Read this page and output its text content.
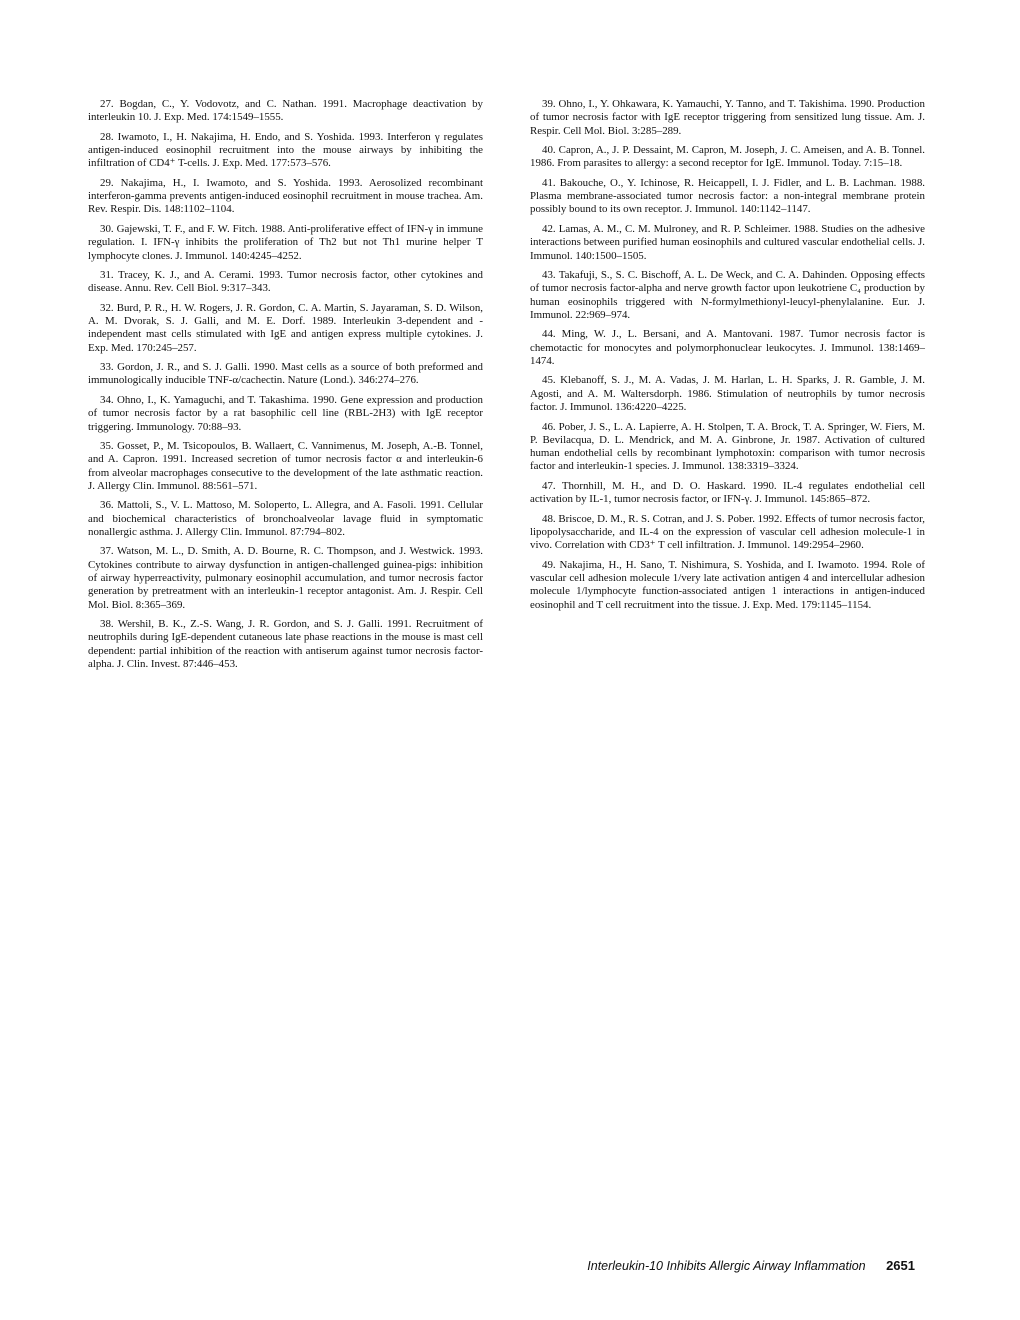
27. Bogdan, C., Y. Vodovotz, and C. Nathan. 1991. Macrophage deactivation by interleukin 10. J. Exp. Med. 174:1549–1555.

28. Iwamoto, I., H. Nakajima, H. Endo, and S. Yoshida. 1993. Interferon γ regulates antigen-induced eosinophil recruitment into the mouse airways by inhibiting the infiltration of CD4⁺ T-cells. J. Exp. Med. 177:573–576.

29. Nakajima, H., I. Iwamoto, and S. Yoshida. 1993. Aerosolized recombinant interferon-gamma prevents antigen-induced eosinophil recruitment in mouse trachea. Am. Rev. Respir. Dis. 148:1102–1104.

30. Gajewski, T. F., and F. W. Fitch. 1988. Anti-proliferative effect of IFN-γ in immune regulation. I. IFN-γ inhibits the proliferation of Th2 but not Th1 murine helper T lymphocyte clones. J. Immunol. 140:4245–4252.

31. Tracey, K. J., and A. Cerami. 1993. Tumor necrosis factor, other cytokines and disease. Annu. Rev. Cell Biol. 9:317–343.

32. Burd, P. R., H. W. Rogers, J. R. Gordon, C. A. Martin, S. Jayaraman, S. D. Wilson, A. M. Dvorak, S. J. Galli, and M. E. Dorf. 1989. Interleukin 3-dependent and -independent mast cells stimulated with IgE and antigen express multiple cytokines. J. Exp. Med. 170:245–257.

33. Gordon, J. R., and S. J. Galli. 1990. Mast cells as a source of both preformed and immunologically inducible TNF-α/cachectin. Nature (Lond.). 346:274–276.

34. Ohno, I., K. Yamaguchi, and T. Takashima. 1990. Gene expression and production of tumor necrosis factor by a rat basophilic cell line (RBL-2H3) with IgE receptor triggering. Immunology. 70:88–93.

35. Gosset, P., M. Tsicopoulos, B. Wallaert, C. Vannimenus, M. Joseph, A.-B. Tonnel, and A. Capron. 1991. Increased secretion of tumor necrosis factor α and interleukin-6 from alveolar macrophages consecutive to the development of the late asthmatic reaction. J. Allergy Clin. Immunol. 88:561–571.

36. Mattoli, S., V. L. Mattoso, M. Soloperto, L. Allegra, and A. Fasoli. 1991. Cellular and biochemical characteristics of bronchoalveolar lavage fluid in symptomatic nonallergic asthma. J. Allergy Clin. Immunol. 87:794–802.

37. Watson, M. L., D. Smith, A. D. Bourne, R. C. Thompson, and J. Westwick. 1993. Cytokines contribute to airway dysfunction in antigen-challenged guinea-pigs: inhibition of airway hyperreactivity, pulmonary eosinophil accumulation, and tumor necrosis factor generation by pretreatment with an interleukin-1 receptor antagonist. Am. J. Respir. Cell Mol. Biol. 8:365–369.

38. Wershil, B. K., Z.-S. Wang, J. R. Gordon, and S. J. Galli. 1991. Recruitment of neutrophils during IgE-dependent cutaneous late phase reactions in the mouse is mast cell dependent: partial inhibition of the reaction with antiserum against tumor necrosis factor-alpha. J. Clin. Invest. 87:446–453.

39. Ohno, I., Y. Ohkawara, K. Yamauchi, Y. Tanno, and T. Takishima. 1990. Production of tumor necrosis factor with IgE receptor triggering from sensitized lung tissue. Am. J. Respir. Cell Mol. Biol. 3:285–289.

40. Capron, A., J. P. Dessaint, M. Capron, M. Joseph, J. C. Ameisen, and A. B. Tonnel. 1986. From parasites to allergy: a second receptor for IgE. Immunol. Today. 7:15–18.

41. Bakouche, O., Y. Ichinose, R. Heicappell, I. J. Fidler, and L. B. Lachman. 1988. Plasma membrane-associated tumor necrosis factor: a non-integral membrane protein possibly bound to its own receptor. J. Immunol. 140:1142–1147.

42. Lamas, A. M., C. M. Mulroney, and R. P. Schleimer. 1988. Studies on the adhesive interactions between purified human eosinophils and cultured vascular endothelial cells. J. Immunol. 140:1500–1505.

43. Takafuji, S., S. C. Bischoff, A. L. De Weck, and C. A. Dahinden. Opposing effects of tumor necrosis factor-alpha and nerve growth factor upon leukotriene C₄ production by human eosinophils triggered with N-formylmethionyl-leucyl-phenylalanine. Eur. J. Immunol. 22:969–974.

44. Ming, W. J., L. Bersani, and A. Mantovani. 1987. Tumor necrosis factor is chemotactic for monocytes and polymorphonuclear leukocytes. J. Immunol. 138:1469–1474.

45. Klebanoff, S. J., M. A. Vadas, J. M. Harlan, L. H. Sparks, J. R. Gamble, J. M. Agosti, and A. M. Waltersdorph. 1986. Stimulation of neutrophils by tumor necrosis factor. J. Immunol. 136:4220–4225.

46. Pober, J. S., L. A. Lapierre, A. H. Stolpen, T. A. Brock, T. A. Springer, W. Fiers, M. P. Bevilacqua, D. L. Mendrick, and M. A. Ginbrone, Jr. 1987. Activation of cultured human endothelial cells by recombinant lymphotoxin: comparison with tumor necrosis factor and interleukin-1 species. J. Immunol. 138:3319–3324.

47. Thornhill, M. H., and D. O. Haskard. 1990. IL-4 regulates endothelial cell activation by IL-1, tumor necrosis factor, or IFN-γ. J. Immunol. 145:865–872.

48. Briscoe, D. M., R. S. Cotran, and J. S. Pober. 1992. Effects of tumor necrosis factor, lipopolysaccharide, and IL-4 on the expression of vascular cell adhesion molecule-1 in vivo. Correlation with CD3⁺ T cell infiltration. J. Immunol. 149:2954–2960.

49. Nakajima, H., H. Sano, T. Nishimura, S. Yoshida, and I. Iwamoto. 1994. Role of vascular cell adhesion molecule 1/very late activation antigen 4 and intercellular adhesion molecule 1/lymphocyte function-associated antigen 1 interactions in antigen-induced eosinophil and T cell recruitment into the tissue. J. Exp. Med. 179:1145–1154.

Interleukin-10 Inhibits Allergic Airway Inflammation 2651
